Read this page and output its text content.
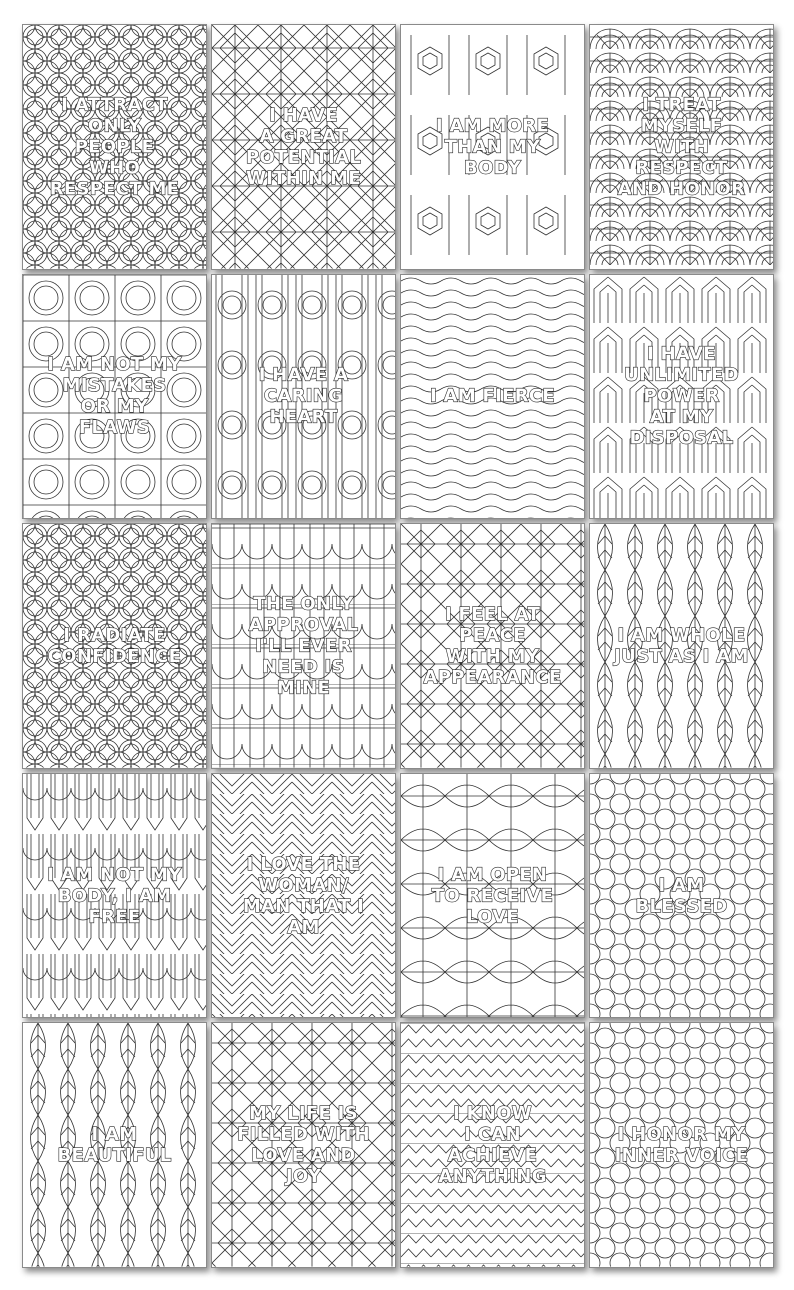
I ATTRACT
ONLY
PEOPLE
WHO
RESPECT ME
I HAVE
A GREAT
POTENTIAL
WITHIN ME
I AM MORE
THAN MY
BODY
I TREAT
MYSELF
WITH
RESPECT
AND HONOR
I AM NOT MY
MISTAKES
OR MY
FLAWS
I HAVE A
CARING
HEART
I AM FIERCE
I HAVE
UNLIMITED
POWER
AT MY
DISPOSAL
I RADIATE
CONFIDENCE
THE ONLY
APPROVAL
I'LL EVER
NEED IS
MINE
I FEEL AT
PEACE
WITH MY
APPEARANCE
I AM WHOLE
JUST AS I AM
I AM NOT MY
BODY, I AM
FREE
I LOVE THE
WOMAN/
MAN THAT I
AM
I AM OPEN
TO RECEIVE
LOVE
I AM
BLESSED
I AM
BEAUTIFUL
MY LIFE IS
FILLED WITH
LOVE AND
JOY
I KNOW
I CAN
ACHIEVE
ANYTHING
I HONOR MY
INNER VOICE
